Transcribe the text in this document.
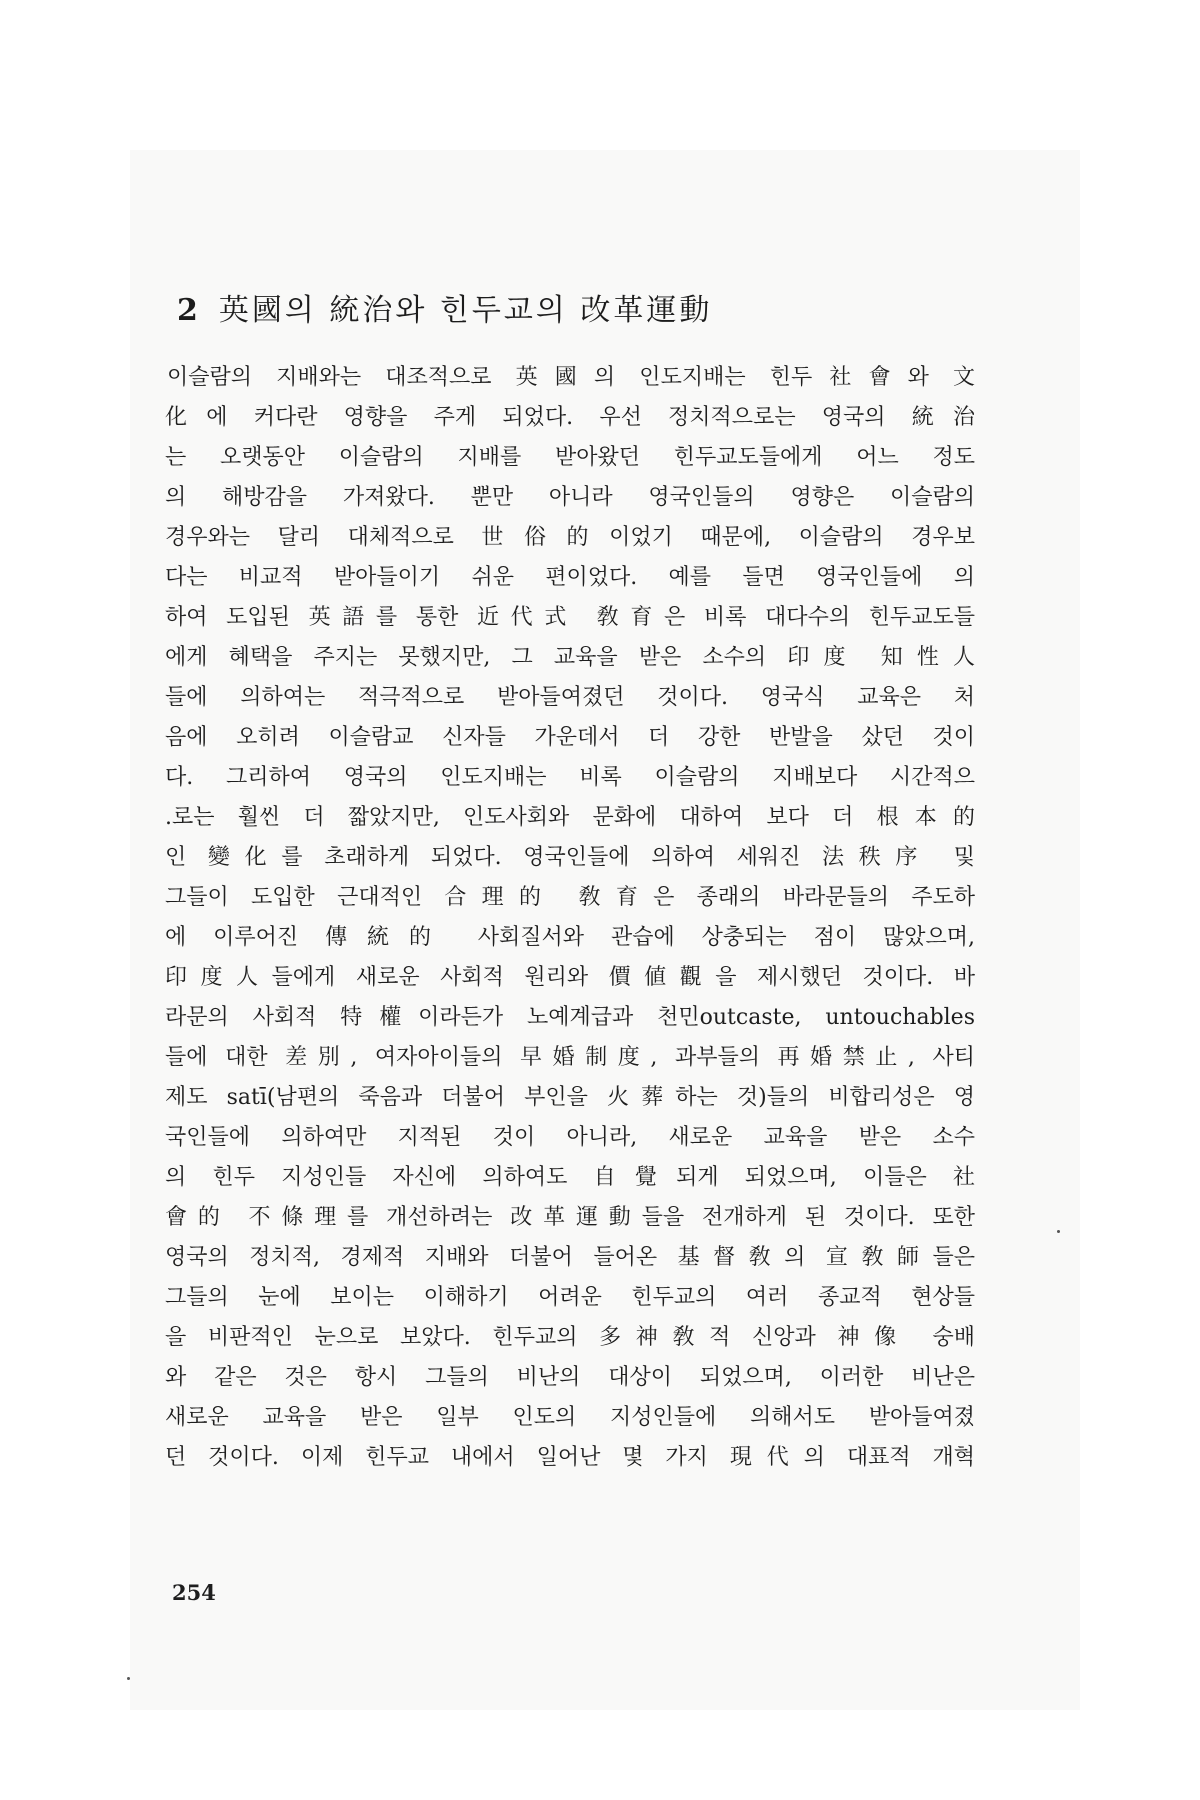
2 英國의 統治와 힌두교의 改革運動
이슬람의 지배와는 대조적으로 英國의 인도지배는 힌두社會와 文
化에 커다란 영향을 주게 되었다. 우선 정치적으로는 영국의 統治
는 오랫동안 이슬람의 지배를 받아왔던 힌두교도들에게 어느 정도
의 해방감을 가져왔다. 뿐만 아니라 영국인들의 영향은 이슬람의
경우와는 달리 대체적으로 世俗的이었기 때문에, 이슬람의 경우보
다는 비교적 받아들이기 쉬운 편이었다. 예를 들면 영국인들에 의
하여 도입된 英語를 통한 近代式 敎育은 비록 대다수의 힌두교도들
에게 혜택을 주지는 못했지만, 그 교육을 받은 소수의 印度 知性人
들에 의하여는 적극적으로 받아들여졌던 것이다. 영국식 교육은 처
음에 오히려 이슬람교 신자들 가운데서 더 강한 반발을 샀던 것이
다. 그리하여 영국의 인도지배는 비록 이슬람의 지배보다 시간적으
.로는 훨씬 더 짧았지만, 인도사회와 문화에 대하여 보다 더 根本的
인 變化를 초래하게 되었다. 영국인들에 의하여 세워진 法秩序 및
그들이 도입한 근대적인 合理的 敎育은 종래의 바라문들의 주도하
에 이루어진 傳統的 사회질서와 관습에 상충되는 점이 많았으며,
印度人들에게 새로운 사회적 원리와 價値觀을 제시했던 것이다. 바
라문의 사회적 特權이라든가 노예계급과 천민outcaste, untouchables
들에 대한 差別, 여자아이들의 早婚制度, 과부들의 再婚禁止, 사티
제도 satī(남편의 죽음과 더불어 부인을 火葬하는 것)들의 비합리성은 영
국인들에 의하여만 지적된 것이 아니라, 새로운 교육을 받은 소수
의 힌두 지성인들 자신에 의하여도 自覺되게 되었으며, 이들은 社
會的 不條理를 개선하려는 改革運動들을 전개하게 된 것이다. 또한
영국의 정치적, 경제적 지배와 더불어 들어온 基督敎의 宣敎師들은
그들의 눈에 보이는 이해하기 어려운 힌두교의 여러 종교적 현상들
을 비판적인 눈으로 보았다. 힌두교의 多神敎적 신앙과 神像 숭배
와 같은 것은 항시 그들의 비난의 대상이 되었으며, 이러한 비난은
새로운 교육을 받은 일부 인도의 지성인들에 의해서도 받아들여졌
던 것이다. 이제 힌두교 내에서 일어난 몇 가지 現代의 대표적 개혁
254
